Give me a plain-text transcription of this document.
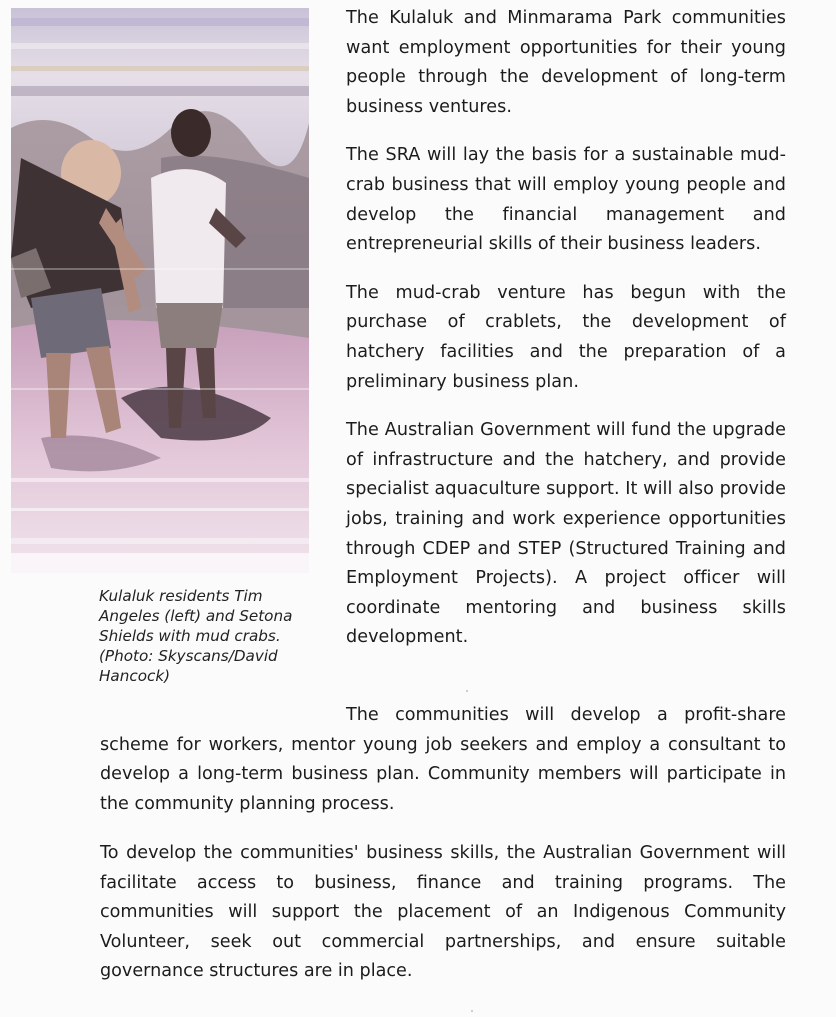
Kulaluk residents Tim Angeles (left) and Setona Shields with mud crabs. (Photo: Skyscans/David Hancock)

The Kulaluk and Minmarama Park communities want employment opportunities for their young people through the development of long-term business ventures.

The SRA will lay the basis for a sustainable mud-crab business that will employ young people and develop the financial management and entrepreneurial skills of their business leaders.

The mud-crab venture has begun with the purchase of crablets, the development of hatchery facilities and the preparation of a preliminary business plan.

The Australian Government will fund the upgrade of infrastructure and the hatchery, and provide specialist aquaculture support. It will also provide jobs, training and work experience opportunities through CDEP and STEP (Structured Training and Employment Projects). A project officer will coordinate mentoring and business skills development.

The communities will develop a profit-share scheme for workers, mentor young job seekers and employ a consultant to develop a long-term business plan. Community members will participate in the community planning process.

To develop the communities' business skills, the Australian Government will facilitate access to business, finance and training programs. The communities will support the placement of an Indigenous Community Volunteer, seek out commercial partnerships, and ensure suitable governance structures are in place.
